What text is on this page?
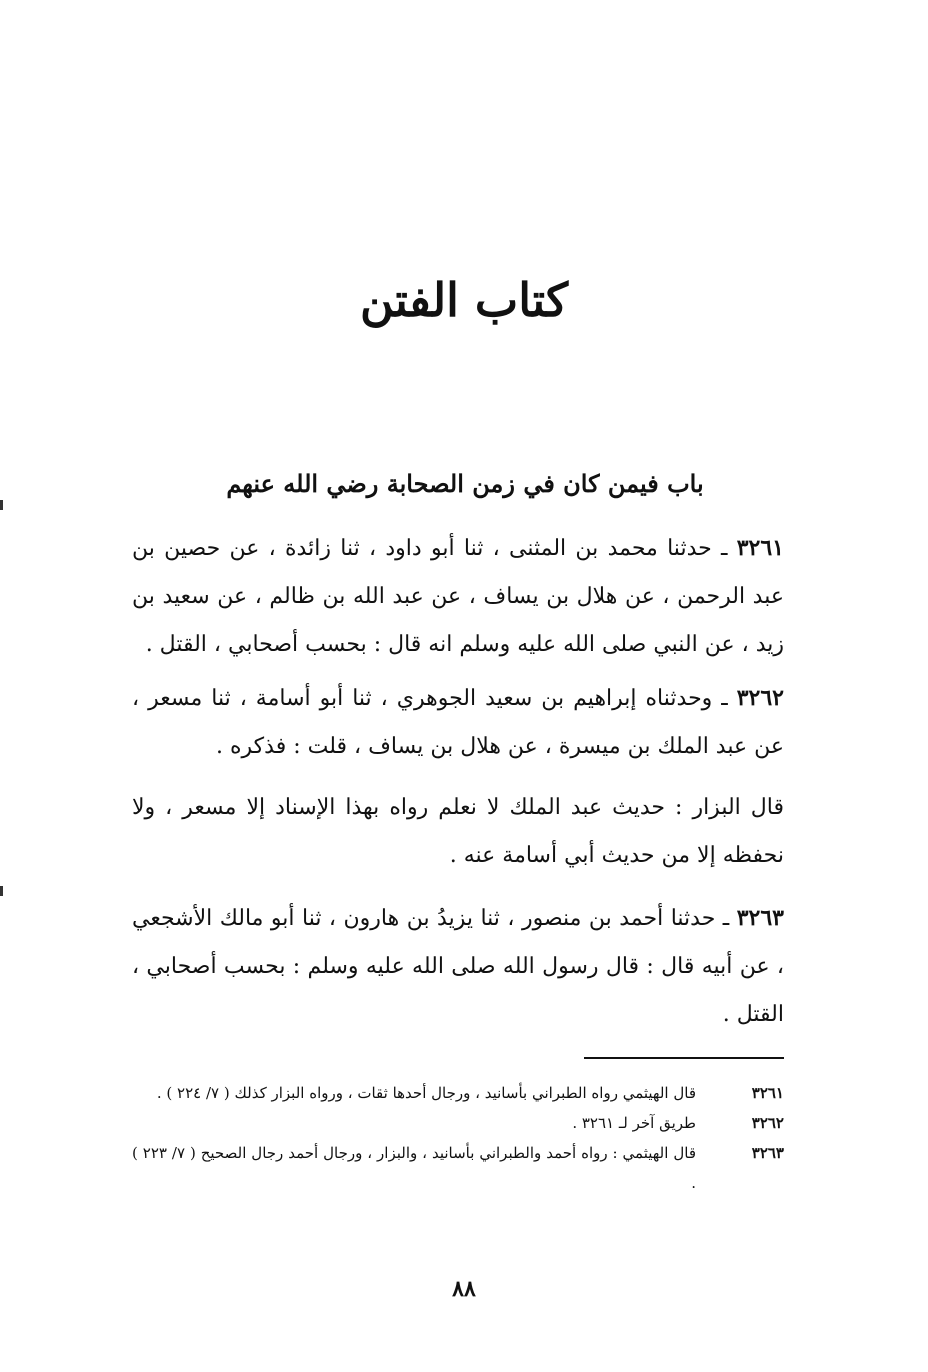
كتاب الفتن
باب فيمن كان في زمن الصحابة رضي الله عنهم
٣٢٦١ ـ حدثنا محمد بن المثنى ، ثنا أبو داود ، ثنا زائدة ، عن حصين بن عبد الرحمن ، عن هلال بن يساف ، عن عبد الله بن ظالم ، عن سعيد بن زيد ، عن النبي صلى الله عليه وسلم انه قال : بحسب أصحابي ، القتل .
٣٢٦٢ ـ وحدثناه إبراهيم بن سعيد الجوهري ، ثنا أبو أسامة ، ثنا مسعر ، عن عبد الملك بن ميسرة ، عن هلال بن يساف ، قلت : فذكره .
قال البزار : حديث عبد الملك لا نعلم رواه بهذا الإسناد إلا مسعر ، ولا نحفظه إلا من حديث أبي أسامة عنه .
٣٢٦٣ ـ حدثنا أحمد بن منصور ، ثنا يزيدُ بن هارون ، ثنا أبو مالك الأشجعي ، عن أبيه قال : قال رسول الله صلى الله عليه وسلم : بحسب أصحابي ، القتل .
٣٢٦١
قال الهيثمي رواه الطبراني بأسانيد ، ورجال أحدها ثقات ، ورواه البزار كذلك ( ٧/ ٢٢٤ ) .
٣٢٦٢
طريق آخر لـ ٣٢٦١ .
٣٢٦٣
قال الهيثمي : رواه أحمد والطبراني بأسانيد ، والبزار ، ورجال أحمد رجال الصحيح ( ٧/ ٢٢٣ ) .
٨٨
